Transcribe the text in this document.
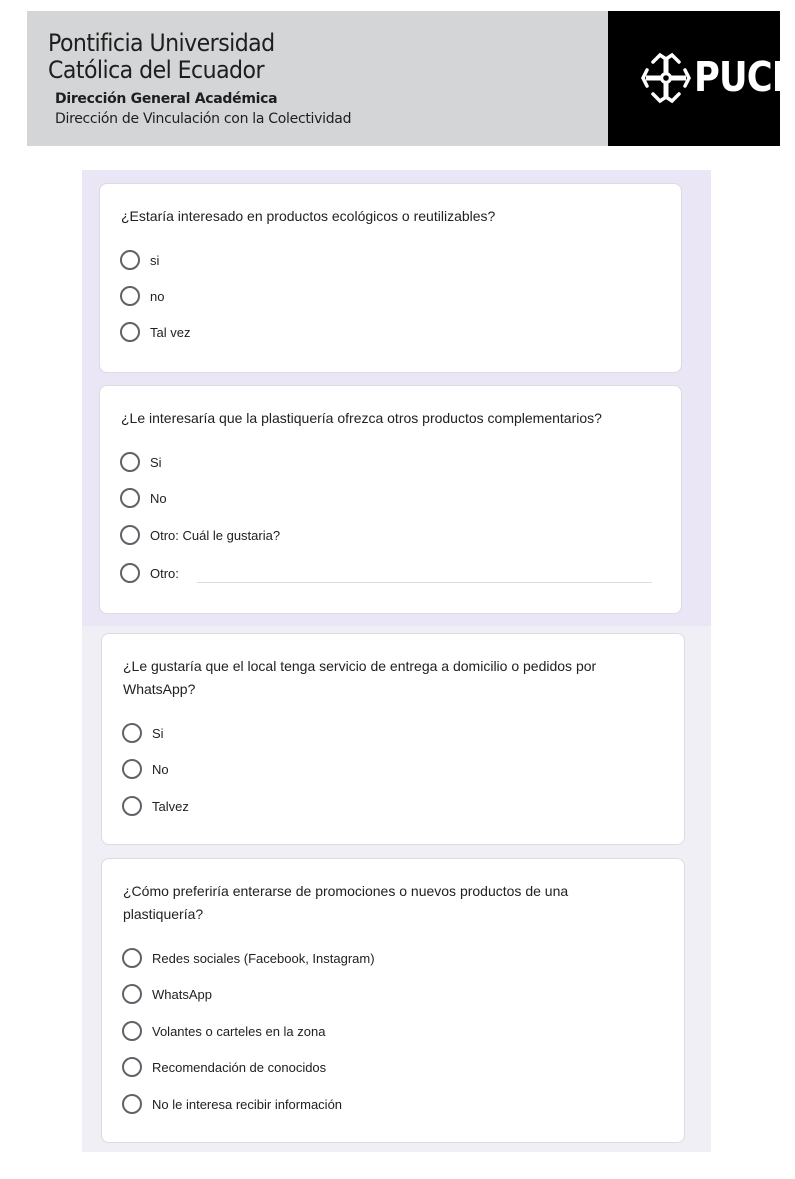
Pontificia Universidad
Católica del Ecuador
Dirección General Académica
Dirección de Vinculación con la Colectividad
PUCE
¿Estaría interesado en productos ecológicos o reutilizables?
si
no
Tal vez
¿Le interesaría que la plastiquería ofrezca otros productos complementarios?
Si
No
Otro: Cuál le gustaria?
Otro:
¿Le gustaría que el local tenga servicio de entrega a domicilio o pedidos por WhatsApp?
Si
No
Talvez
¿Cómo preferiría enterarse de promociones o nuevos productos de una plastiquería?
Redes sociales (Facebook, Instagram)
WhatsApp
Volantes o carteles en la zona
Recomendación de conocidos
No le interesa recibir información
